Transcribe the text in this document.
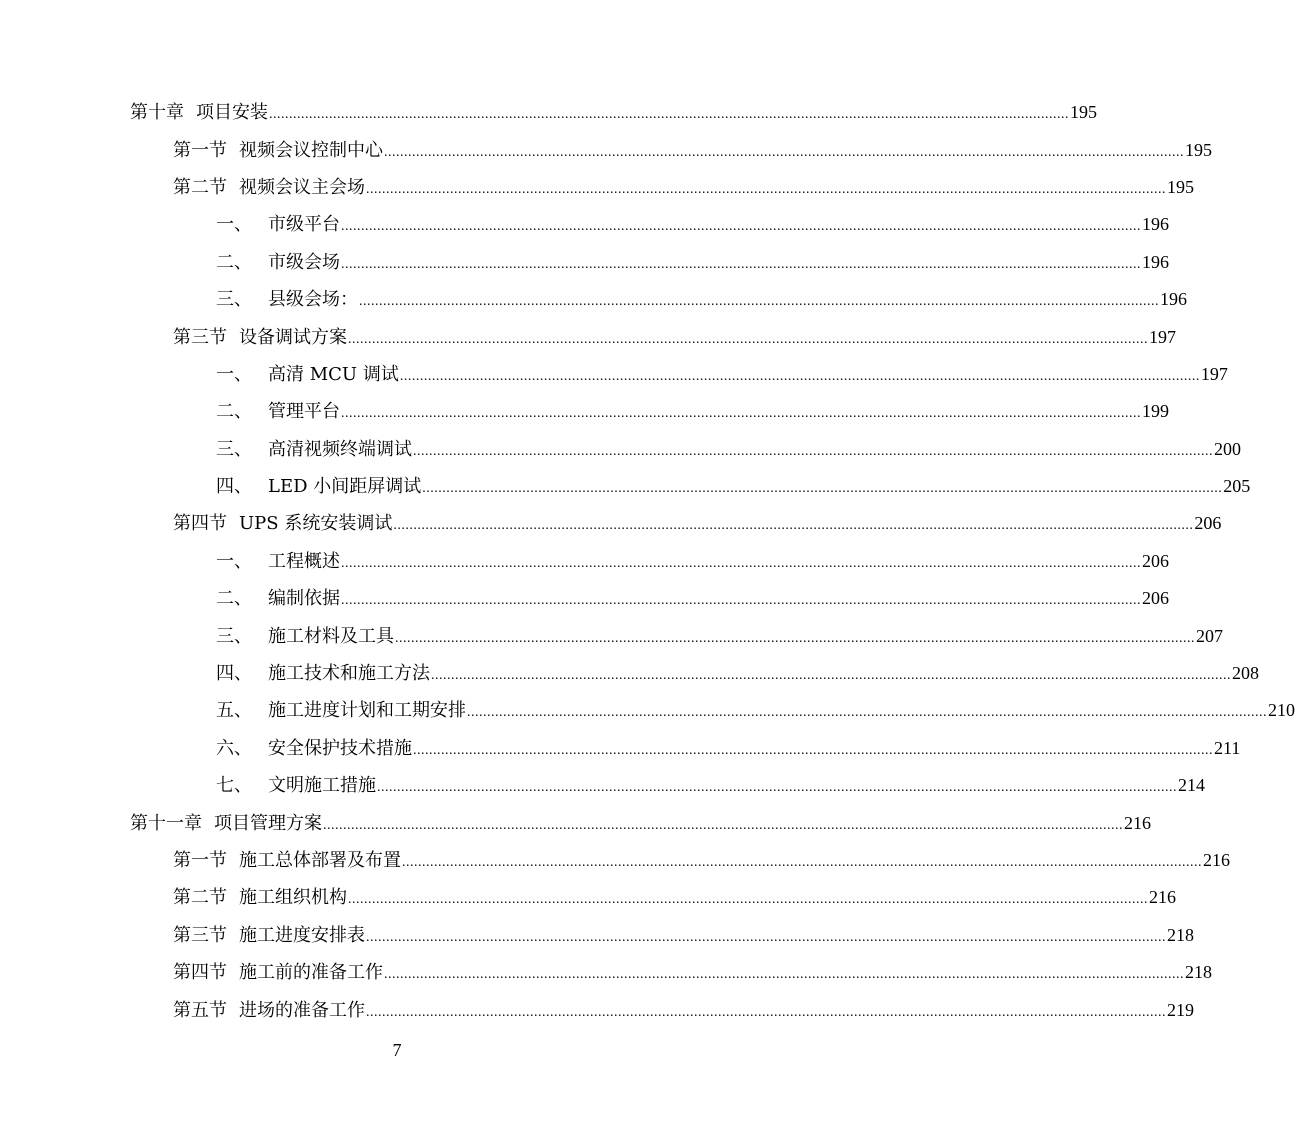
第十章 项目安装 ........................................................................................................................................................................................................ 195
第一节 视频会议控制中心 ........................................................................................................................................................................................................ 195
第二节 视频会议主会场 ........................................................................................................................................................................................................ 195
一、 市级平台 ........................................................................................................................................................................................................ 196
二、 市级会场 ........................................................................................................................................................................................................ 196
三、 县级会场： ........................................................................................................................................................................................................ 196
第三节 设备调试方案 ........................................................................................................................................................................................................ 197
一、 高清 MCU 调试 ........................................................................................................................................................................................................ 197
二、 管理平台 ........................................................................................................................................................................................................ 199
三、 高清视频终端调试 ........................................................................................................................................................................................................ 200
四、 LED 小间距屏调试 ........................................................................................................................................................................................................ 205
第四节 UPS 系统安装调试 ........................................................................................................................................................................................................ 206
一、 工程概述 ........................................................................................................................................................................................................ 206
二、 编制依据 ........................................................................................................................................................................................................ 206
三、 施工材料及工具 ........................................................................................................................................................................................................ 207
四、 施工技术和施工方法 ........................................................................................................................................................................................................ 208
五、 施工进度计划和工期安排 ........................................................................................................................................................................................................ 210
六、 安全保护技术措施 ........................................................................................................................................................................................................ 211
七、 文明施工措施 ........................................................................................................................................................................................................ 214
第十一章 项目管理方案 ........................................................................................................................................................................................................ 216
第一节 施工总体部署及布置 ........................................................................................................................................................................................................ 216
第二节 施工组织机构 ........................................................................................................................................................................................................ 216
第三节 施工进度安排表 ........................................................................................................................................................................................................ 218
第四节 施工前的准备工作 ........................................................................................................................................................................................................ 218
第五节 进场的准备工作 ........................................................................................................................................................................................................ 219
7
